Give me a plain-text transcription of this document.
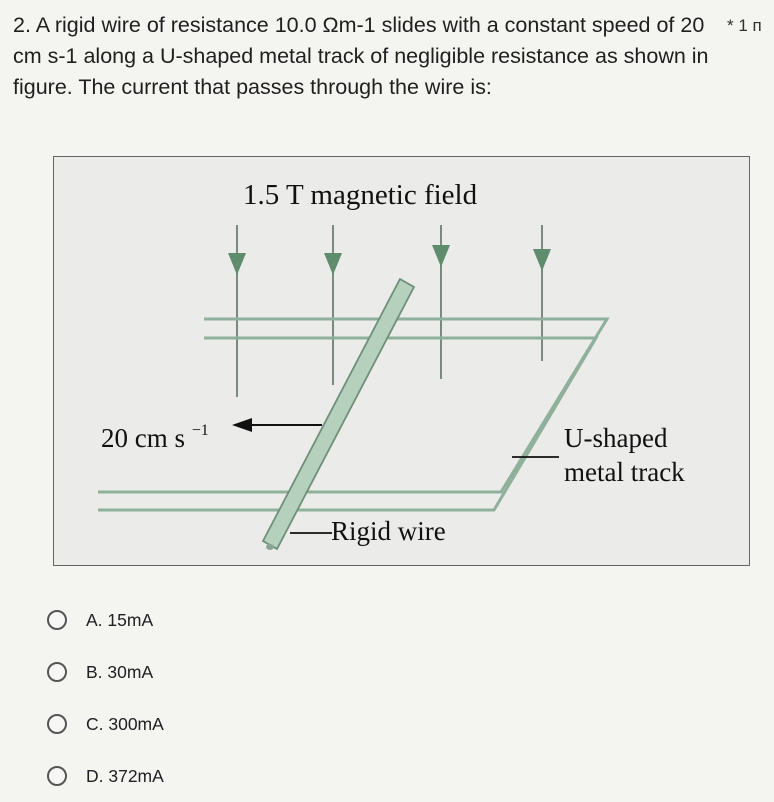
2. A rigid wire of resistance 10.0 Ωm-1 slides with a constant speed of 20 cm s-1 along a U-shaped metal track of negligible resistance as shown in figure. The current that passes through the wire is:
* 1 п
1.5 T magnetic field
20 cm s $^{-1}$	U-shaped
metal track
Rigid wire
A. 15mA
B. 30mA
C. 300mA
D. 372mA
